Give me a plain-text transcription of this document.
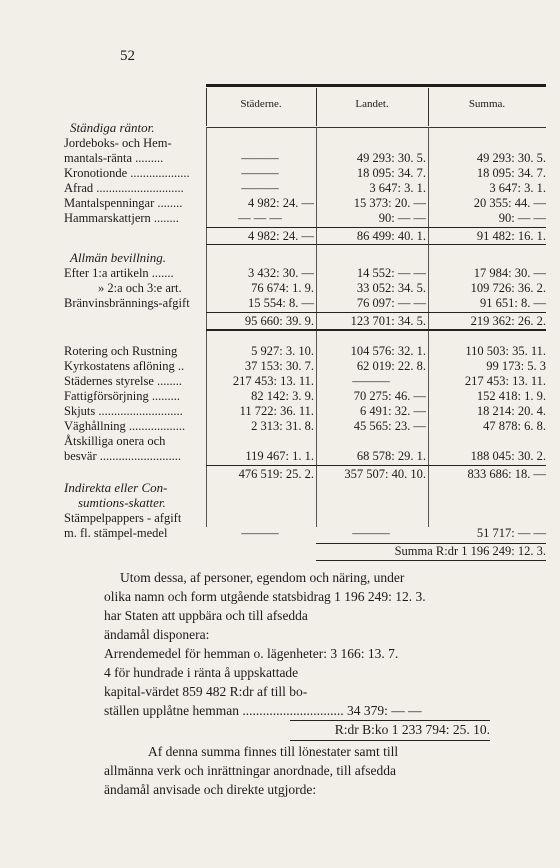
52
Städerne.	Landet.	Summa.
Ständiga räntor.
Jordeboks- och Hem-
mantals-ränta .........	———	49 293: 30. 5.	49 293: 30. 5.
Kronotionde ...................	———	18 095: 34. 7.	18 095: 34. 7.
Afrad ............................	———	3 647: 3. 1.	3 647: 3. 1.
Mantalspenningar ........	4 982: 24. —	15 373: 20. —	20 355: 44. —
Hammarskattjern ........	— — —	90: — —	90: — —
4 982: 24. —	86 499: 40. 1.	91 482: 16. 1.
Allmän bevillning.
Efter 1:a artikeln .......	3 432: 30. —	14 552: — —	17 984: 30. —
» 2:a och 3:e art.	76 674: 1. 9.	33 052: 34. 5.	109 726: 36. 2.
Bränvinsbrännings-afgift	15 554: 8. —	76 097: — —	91 651: 8. —
95 660: 39. 9.	123 701: 34. 5.	219 362: 26. 2.
Rotering och Rustning	5 927: 3. 10.	104 576: 32. 1.	110 503: 35. 11.
Kyrkostatens aflöning ..	37 153: 30. 7.	62 019: 22. 8.	99 173: 5. 3
Städernes styrelse ........	217 453: 13. 11.	———	217 453: 13. 11.
Fattigförsörjning .........	82 142: 3. 9.	70 275: 46. —	152 418: 1. 9.
Skjuts ...........................	11 722: 36. 11.	6 491: 32. —	18 214: 20. 4.
Väghållning ..................	2 313: 31. 8.	45 565: 23. —	47 878: 6. 8.
Åtskilliga onera och
besvär ..........................	119 467: 1. 1.	68 578: 29. 1.	188 045: 30. 2.
476 519: 25. 2.	357 507: 40. 10.	833 686: 18. —
Indirekta eller Con-
sumtions-skatter.
Stämpelpappers - afgift
m. fl. stämpel-medel	———	———	51 717: — —
Summa R:dr 1 196 249: 12. 3.
Utom dessa, af personer, egendom och näring, under
olika namn och form utgående statsbidrag 1 196 249: 12. 3.
har Staten att uppbära och till afsedda
ändamål disponera:
Arrendemedel för hemman o. lägenheter: 3 166: 13. 7.
4 för hundrade i ränta å uppskattade
kapital-värdet 859 482 R:dr af till bo-
ställen upplåtne hemman .............................. 34 379: — —
R:dr B:ko 1 233 794: 25. 10.
Af denna summa finnes till lönestater samt till
allmänna verk och inrättningar anordnade, till afsedda
ändamål anvisade och direkte utgjorde:
